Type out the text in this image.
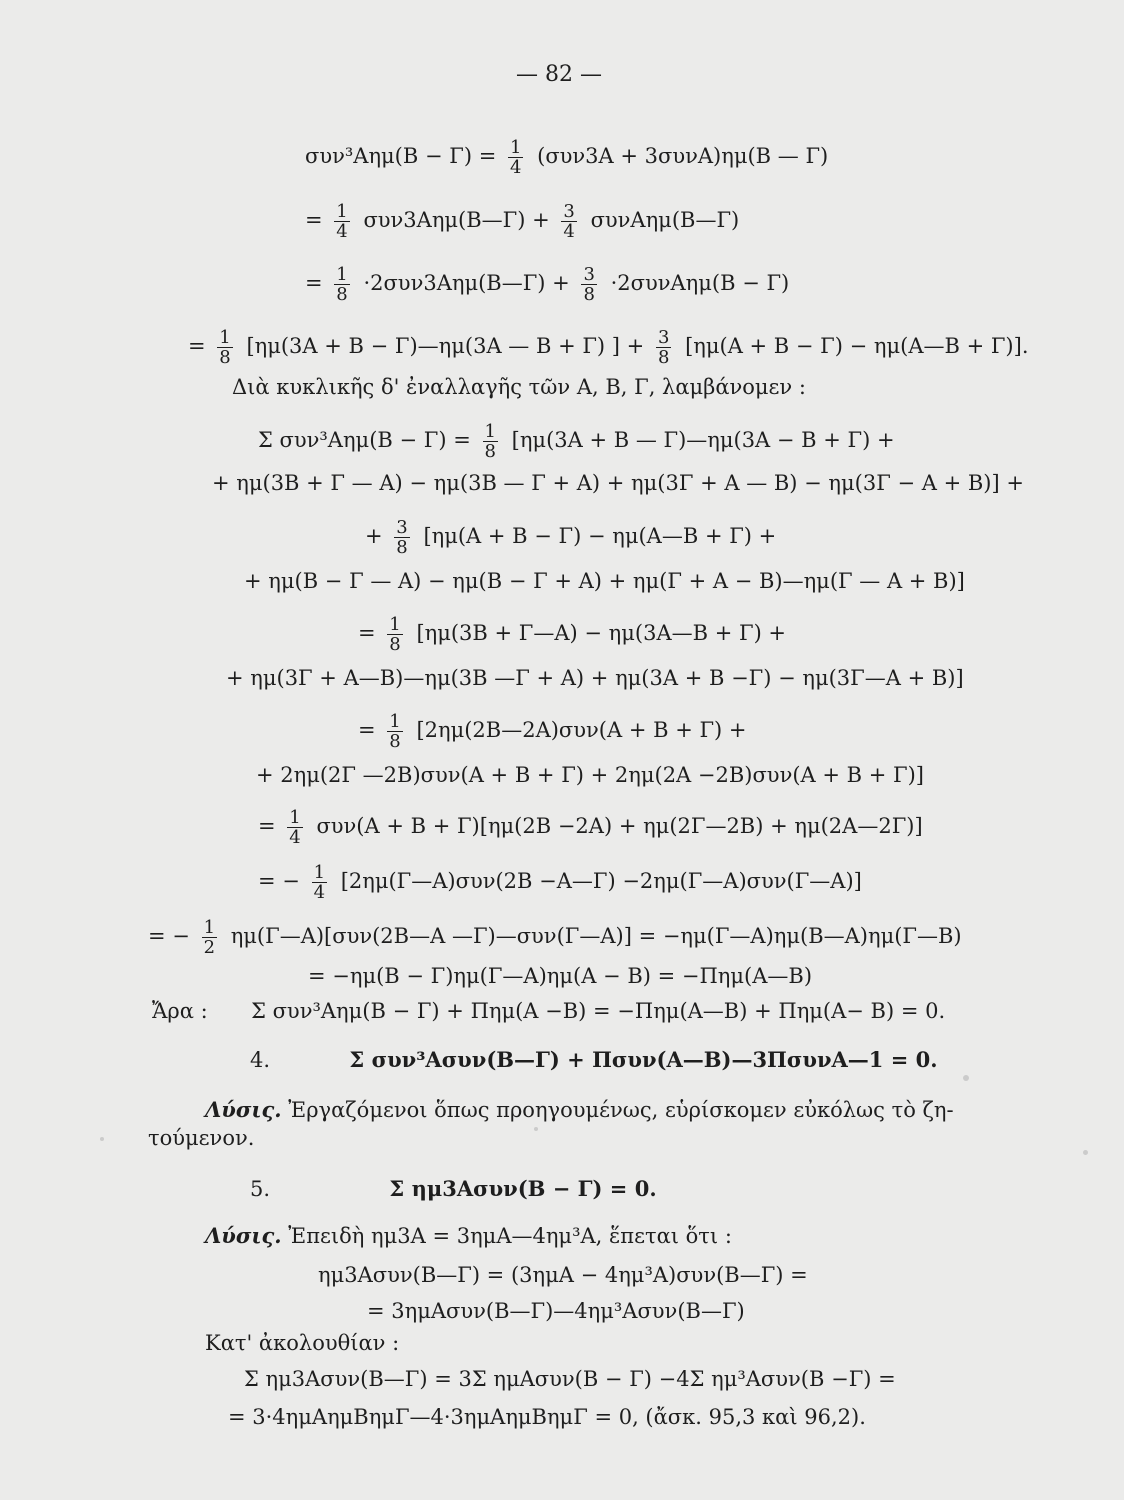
— 82 —
$\sigma\upsilon\nu^3A\eta\mu(B - \Gamma) = \frac{1}{4} (\sigma\upsilon\nu 3A + 3\sigma\upsilon\nu A)\eta\mu(B$ — Γ)
= $\frac{1}{4}$ συν3Αημ(Β—Γ) + $\frac{3}{4}$ συνΑημ(Β—Γ)
= $\frac{1}{8}$ ·2συν3Αημ(Β—Γ) + $\frac{3}{8} \cdot 2\sigma\upsilon\nu A\eta\mu(B - \Gamma)$
= $\frac{1}{8} [\eta\mu(3A + B$ − Γ)—ημ(3Α — Β + Γ) ] + $\frac{3}{8} [\eta\mu(A + B - \Gamma)$ − ημ(Α—Β + Γ)].
Διὰ κυκλικῆς δ' ἐναλλαγῆς τῶν Α, Β, Γ, λαμβάνομεν :
Σ $\sigma\upsilon\nu^3A\eta\mu(B - \Gamma) = \frac{1}{8} [\eta\mu(3A + B$ — Γ)—ημ(3Α − Β + Γ) +
+ ημ(3Β + Γ — Α) − ημ(3Β — Γ + Α) + ημ(3Γ + Α — Β) − ημ(3Γ − Α + Β)] +
+ $\frac{3}{8} [\eta\mu(A + B - \Gamma)$ − ημ(Α—Β + Γ) +
+ ημ(Β − Γ — Α) − ημ(Β − Γ + Α) + ημ(Γ + Α − Β)—ημ(Γ — Α + Β)]
= $\frac{1}{8} [\eta\mu(3B$ + Γ—Α) − ημ(3Α—Β + Γ) +
+ ημ(3Γ + Α—Β)—ημ(3Β —Γ + Α) + ημ(3Α + Β −Γ) − ημ(3Γ—Α + Β)]
= $\frac{1}{8}$ [2ημ(2Β—2Α)συν(Α + Β + Γ) +
+ 2ημ(2Γ —2Β)συν(Α + Β + Γ) + 2ημ(2Α −2Β)συν(Α + Β + Γ)]
= $\frac{1}{4} \sigma\upsilon\nu(A + B + \Gamma)[\eta\mu(2B -2A)$ + ημ(2Γ—2Β) + ημ(2Α—2Γ)]
= − $\frac{1}{4}$ [2ημ(Γ—Α)συν(2Β −Α—Γ) −2ημ(Γ—Α)συν(Γ—Α)]
= − $\frac{1}{2}$ ημ(Γ—Α)[συν(2Β—Α —Γ)—συν(Γ—Α)] = −ημ(Γ—Α)ημ(Β—Α)ημ(Γ—Β)
= −ημ(Β − Γ)ημ(Γ—Α)ημ(Α − Β) = −Πημ(Α—Β)
Ἄρα : Σ συν³Αημ(Β − Γ) + Πημ(Α −Β) = −Πημ(Α—Β) + Πημ(Α− Β) = 0.
4.	Σ συν³Ασυν(Β—Γ) + Πσυν(Α—Β)—3ΠσυνΑ—1 = 0.
Λύσις. Ἐργαζόμενοι ὅπως προηγουμένως, εὑρίσκομεν εὐκόλως τὸ ζη-
τούμενον.
5.	Σ ημ3Ασυν(Β − Γ) = 0.
Λύσις. Ἐπειδὴ ημ3Α = 3ημΑ—4ημ³Α, ἕπεται ὅτι :
ημ3Ασυν(Β—Γ) = (3ημΑ − 4ημ³Α)συν(Β—Γ) =
= 3ημΑσυν(Β—Γ)—4ημ³Ασυν(Β—Γ)
Κατ' ἀκολουθίαν :
Σ ημ3Ασυν(Β—Γ) = 3Σ ημΑσυν(Β − Γ) −4Σ ημ³Ασυν(Β −Γ) =
= 3·4ημΑημΒημΓ—4·3ημΑημΒημΓ = 0, (ἄσκ. 95,3 καὶ 96,2).
